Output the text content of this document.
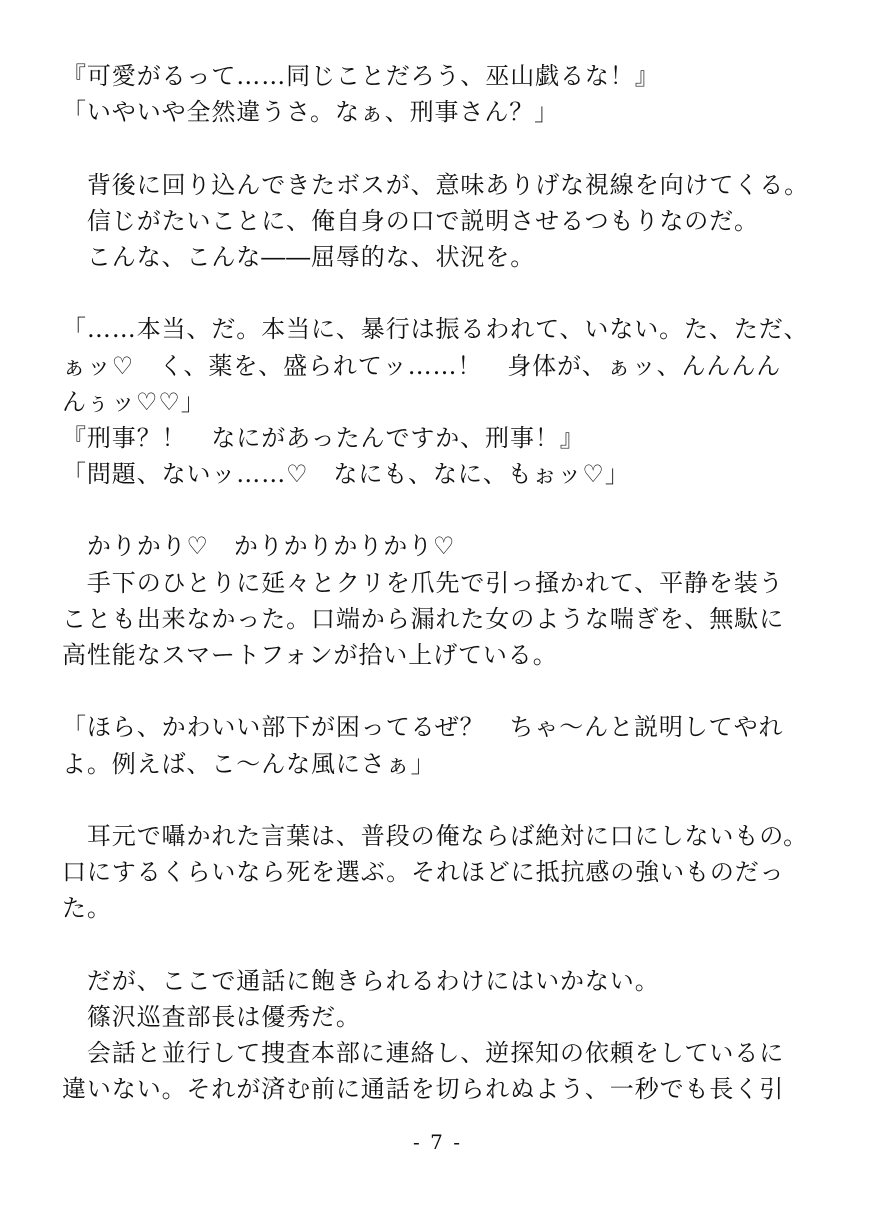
『可愛がるって……同じことだろう、巫山戯るな！』
「いやいや全然違うさ。なぁ、刑事さん？」
　背後に回り込んできたボスが、意味ありげな視線を向けてくる。
　信じがたいことに、俺自身の口で説明させるつもりなのだ。
　こんな、こんな――屈辱的な、状況を。
「……本当、だ。本当に、暴行は振るわれて、いない。た、ただ、
ぁッ♡　く、薬を、盛られてッ……！　身体が、ぁッ、んんんん
んぅッ♡♡」
『刑事？！　なにがあったんですか、刑事！』
「問題、ないッ……♡　なにも、なに、もぉッ♡」
　かりかり♡　かりかりかりかり♡
　手下のひとりに延々とクリを爪先で引っ掻かれて、平静を装う
ことも出来なかった。口端から漏れた女のような喘ぎを、無駄に
高性能なスマートフォンが拾い上げている。
「ほら、かわいい部下が困ってるぜ？　ちゃ～んと説明してやれ
よ。例えば、こ～んな風にさぁ」
　耳元で囁かれた言葉は、普段の俺ならば絶対に口にしないもの。
口にするくらいなら死を選ぶ。それほどに抵抗感の強いものだっ
た。
　だが、ここで通話に飽きられるわけにはいかない。
　篠沢巡査部長は優秀だ。
　会話と並行して捜査本部に連絡し、逆探知の依頼をしているに
違いない。それが済む前に通話を切られぬよう、一秒でも長く引
- 7 -
